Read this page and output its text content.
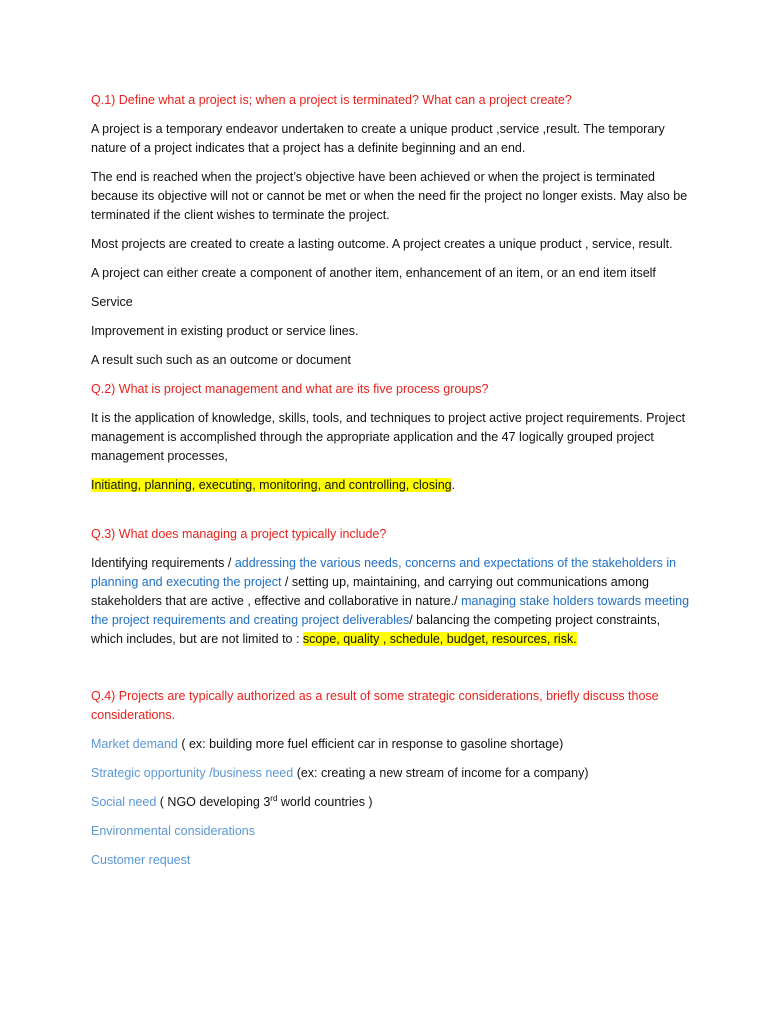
Q.1) Define what a project is; when a project is terminated? What can a project create?

A project is a temporary endeavor undertaken to create a unique product ,service ,result. The temporary nature of a project indicates that a project has a definite beginning and an end.

The end is reached when the project’s objective have been achieved or when the project is terminated because its objective will not or cannot be met or when the need fir the project no longer exists. May also be terminated if the client wishes to terminate the project.

Most projects are created to create a lasting outcome. A project creates a unique product , service, result.

A project can either create a component of another item, enhancement of an item, or an end item itself

Service

Improvement in existing product or service lines.

A result such such as an outcome or document

Q.2) What is project management and what are its five process groups?

It is the application of knowledge, skills, tools, and techniques to project active project requirements. Project management is accomplished through the appropriate application and the 47 logically grouped project management processes,

Initiating, planning, executing, monitoring, and controlling, closing.

Q.3) What does managing a project typically include?

Identifying requirements / addressing the various needs, concerns and expectations of the stakeholders in planning and executing the project / setting up, maintaining, and carrying out communications among stakeholders that are active , effective and collaborative in nature./ managing stake holders towards meeting the project requirements and creating project deliverables/ balancing the competing project constraints, which includes, but are not limited to : scope, quality , schedule, budget, resources, risk.

Q.4) Projects are typically authorized as a result of some strategic considerations, briefly discuss those considerations.

Market demand ( ex: building more fuel efficient car in response to gasoline shortage)

Strategic opportunity /business need (ex: creating a new stream of income for a company)

Social need ( NGO developing 3rd world countries )

Environmental considerations

Customer request
